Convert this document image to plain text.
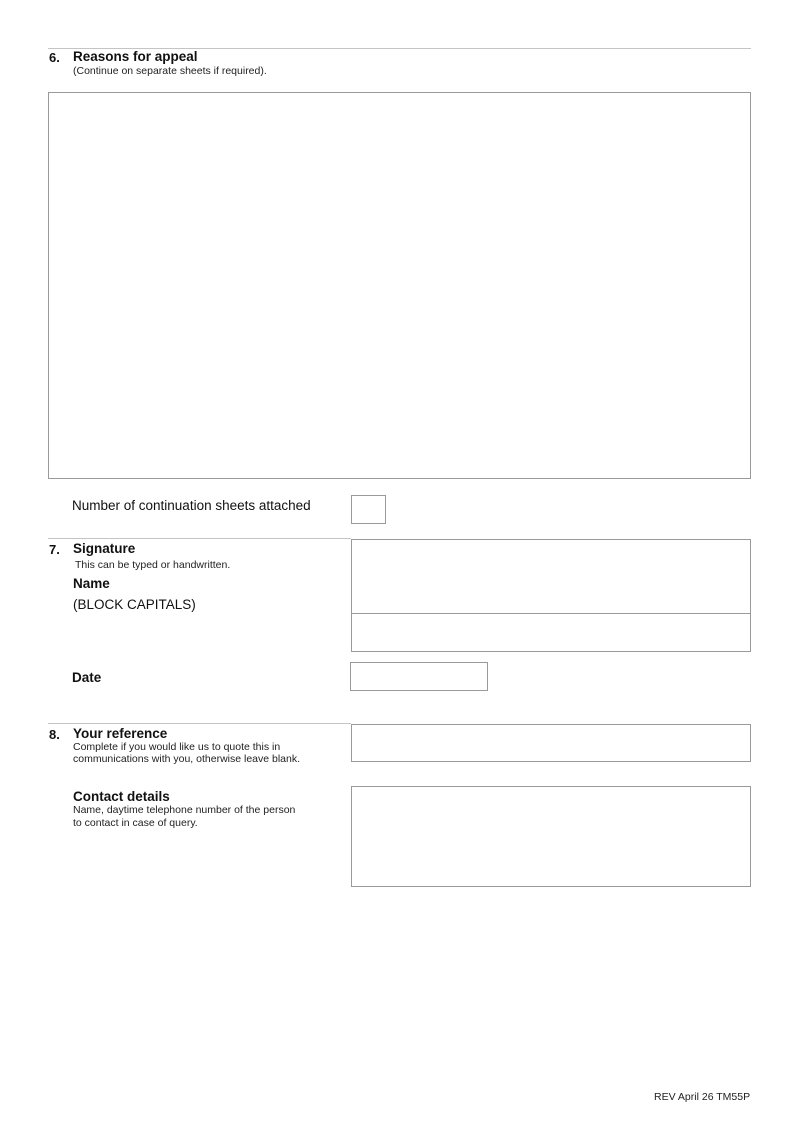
6. Reasons for appeal
(Continue on separate sheets if required).
Number of continuation sheets attached
7. Signature
This can be typed or handwritten.
Name
(BLOCK CAPITALS)
Date
8. Your reference
Complete if you would like us to quote this in
communications with you, otherwise leave blank.
Contact details
Name, daytime telephone number of the person
to contact in case of query.
REV April 26 TM55P
